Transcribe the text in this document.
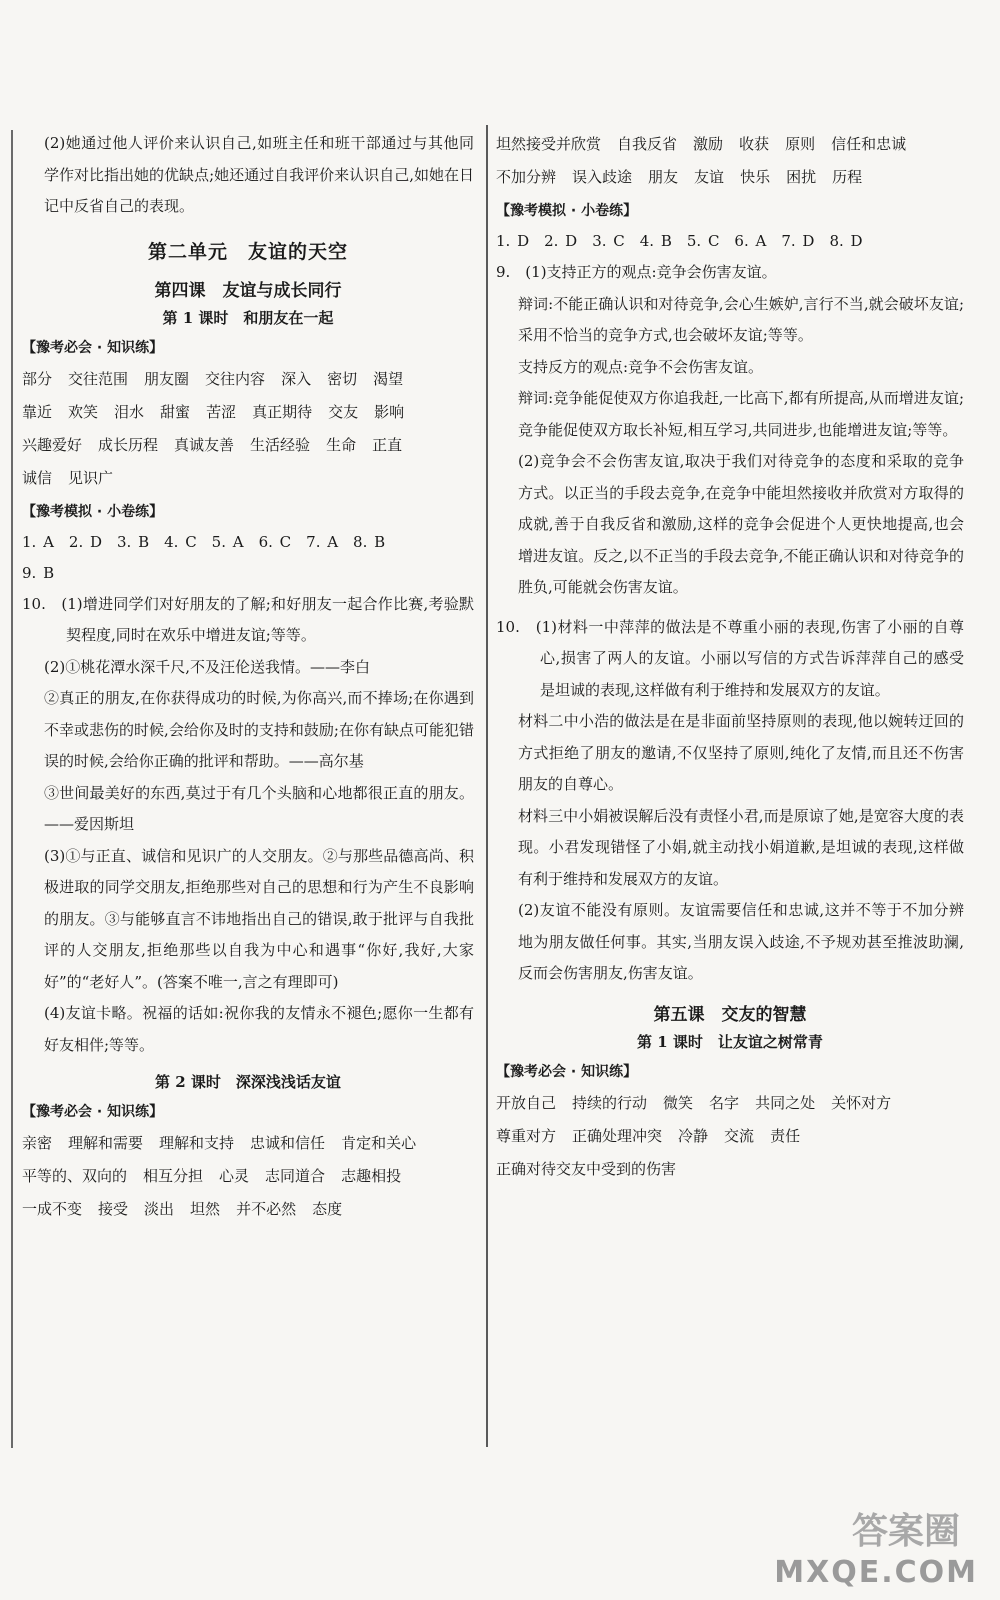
(2)她通过他人评价来认识自己,如班主任和班干部通过与其他同学作对比指出她的优缺点;她还通过自我评价来认识自己,如她在日记中反省自己的表现。

第二单元　友谊的天空
第四课　友谊与成长同行
第 1 课时　和朋友在一起
【豫考必会 · 知识练】
部分 交往范围 朋友圈 交往内容 深入 密切 渴望
靠近 欢笑 泪水 甜蜜 苦涩 真正期待 交友 影响
兴趣爱好 成长历程 真诚友善 生活经验 生命 正直
诚信 见识广
【豫考模拟 · 小卷练】
1. A　2. D　3. B　4. C　5. A　6. C　7. A　8. B
9. B

10.　(1)增进同学们对好朋友的了解;和好朋友一起合作比赛,考验默契程度,同时在欢乐中增进友谊;等等。

(2)①桃花潭水深千尺,不及汪伦送我情。——李白

②真正的朋友,在你获得成功的时候,为你高兴,而不捧场;在你遇到不幸或悲伤的时候,会给你及时的支持和鼓励;在你有缺点可能犯错误的时候,会给你正确的批评和帮助。——高尔基

③世间最美好的东西,莫过于有几个头脑和心地都很正直的朋友。——爱因斯坦

(3)①与正直、诚信和见识广的人交朋友。②与那些品德高尚、积极进取的同学交朋友,拒绝那些对自己的思想和行为产生不良影响的朋友。③与能够直言不讳地指出自己的错误,敢于批评与自我批评的人交朋友,拒绝那些以自我为中心和遇事“你好,我好,大家好”的“老好人”。(答案不唯一,言之有理即可)

(4)友谊卡略。祝福的话如:祝你我的友情永不褪色;愿你一生都有好友相伴;等等。

第 2 课时　深深浅浅话友谊
【豫考必会 · 知识练】
亲密 理解和需要 理解和支持 忠诚和信任 肯定和关心
平等的、双向的 相互分担 心灵 志同道合 志趣相投
一成不变 接受 淡出 坦然 并不必然 态度
坦然接受并欣赏 自我反省 激励 收获 原则 信任和忠诚
不加分辨 误入歧途 朋友 友谊 快乐 困扰 历程
【豫考模拟 · 小卷练】
1. D　2. D　3. C　4. B　5. C　6. A　7. D　8. D

9.　(1)支持正方的观点:竞争会伤害友谊。

辩词:不能正确认识和对待竞争,会心生嫉妒,言行不当,就会破坏友谊;采用不恰当的竞争方式,也会破坏友谊;等等。

支持反方的观点:竞争不会伤害友谊。

辩词:竞争能促使双方你追我赶,一比高下,都有所提高,从而增进友谊;竞争能促使双方取长补短,相互学习,共同进步,也能增进友谊;等等。

(2)竞争会不会伤害友谊,取决于我们对待竞争的态度和采取的竞争方式。以正当的手段去竞争,在竞争中能坦然接收并欣赏对方取得的成就,善于自我反省和激励,这样的竞争会促进个人更快地提高,也会增进友谊。反之,以不正当的手段去竞争,不能正确认识和对待竞争的胜负,可能就会伤害友谊。

10.　(1)材料一中萍萍的做法是不尊重小丽的表现,伤害了小丽的自尊心,损害了两人的友谊。小丽以写信的方式告诉萍萍自己的感受是坦诚的表现,这样做有利于维持和发展双方的友谊。

材料二中小浩的做法是在是非面前坚持原则的表现,他以婉转迂回的方式拒绝了朋友的邀请,不仅坚持了原则,纯化了友情,而且还不伤害朋友的自尊心。

材料三中小娟被误解后没有责怪小君,而是原谅了她,是宽容大度的表现。小君发现错怪了小娟,就主动找小娟道歉,是坦诚的表现,这样做有利于维持和发展双方的友谊。

(2)友谊不能没有原则。友谊需要信任和忠诚,这并不等于不加分辨地为朋友做任何事。其实,当朋友误入歧途,不予规劝甚至推波助澜,反而会伤害朋友,伤害友谊。

第五课　交友的智慧
第 1 课时　让友谊之树常青
【豫考必会 · 知识练】
开放自己 持续的行动 微笑 名字 共同之处 关怀对方
尊重对方 正确处理冲突 冷静 交流 责任
正确对待交友中受到的伤害
答案圈
MXQE.COM
